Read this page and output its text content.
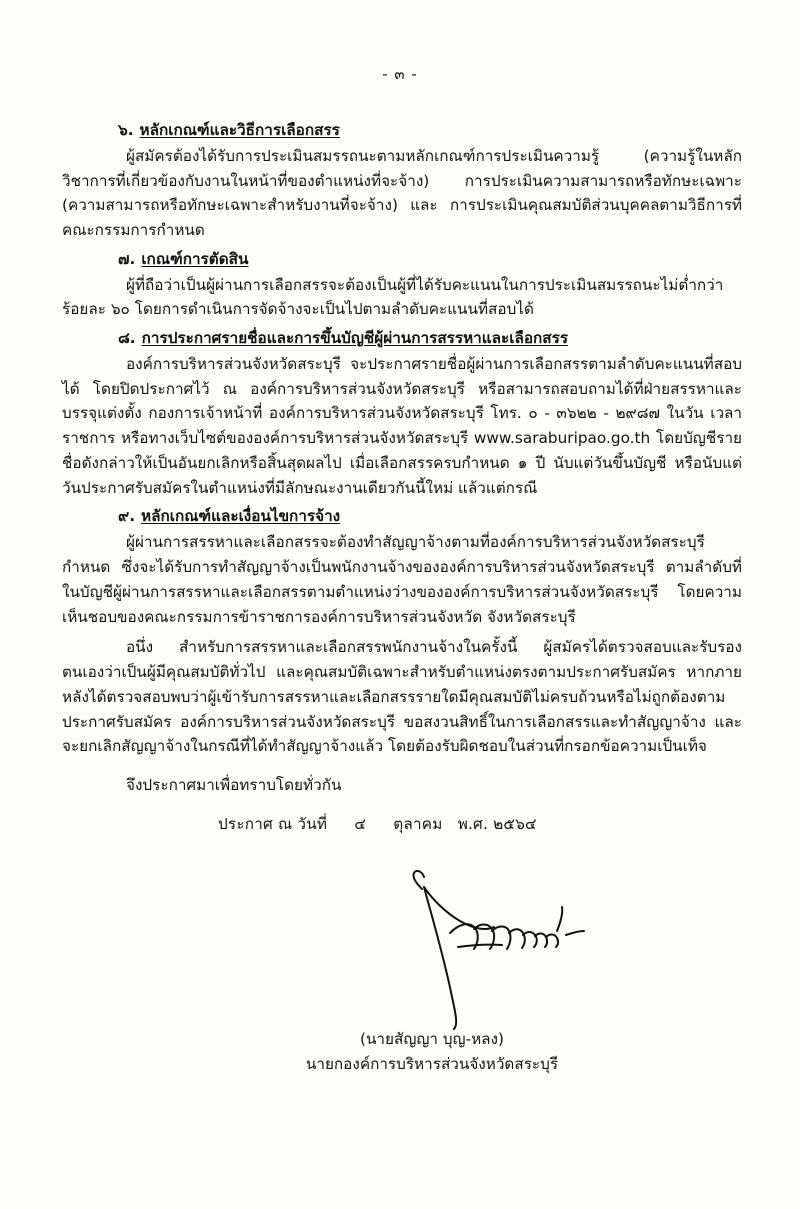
- ๓ -
๖. หลักเกณฑ์และวิธีการเลือกสรร

ผู้สมัครต้องได้รับการประเมินสมรรถนะตามหลักเกณฑ์การประเมินความรู้ (ความรู้ในหลักวิชาการที่เกี่ยวข้องกับงานในหน้าที่ของตำแหน่งที่จะจ้าง) การประเมินความสามารถหรือทักษะเฉพาะ (ความสามารถหรือทักษะเฉพาะสำหรับงานที่จะจ้าง) และ การประเมินคุณสมบัติส่วนบุคคลตามวิธีการที่คณะกรรมการกำหนด

๗. เกณฑ์การตัดสิน

ผู้ที่ถือว่าเป็นผู้ผ่านการเลือกสรรจะต้องเป็นผู้ที่ได้รับคะแนนในการประเมินสมรรถนะไม่ต่ำกว่าร้อยละ ๖๐ โดยการดำเนินการจัดจ้างจะเป็นไปตามลำดับคะแนนที่สอบได้

๘. การประกาศรายชื่อและการขึ้นบัญชีผู้ผ่านการสรรหาและเลือกสรร

องค์การบริหารส่วนจังหวัดสระบุรี จะประกาศรายชื่อผู้ผ่านการเลือกสรรตามลำดับคะแนนที่สอบได้ โดยปิดประกาศไว้ ณ องค์การบริหารส่วนจังหวัดสระบุรี หรือสามารถสอบถามได้ที่ฝ่ายสรรหาและบรรจุแต่งตั้ง กองการเจ้าหน้าที่ องค์การบริหารส่วนจังหวัดสระบุรี โทร. ๐ - ๓๖๒๒ - ๒๙๘๗ ในวัน เวลาราชการ หรือทางเว็บไซต์ขององค์การบริหารส่วนจังหวัดสระบุรี www.saraburipao.go.th โดยบัญชีรายชื่อดังกล่าวให้เป็นอันยกเลิกหรือสิ้นสุดผลไป เมื่อเลือกสรรครบกำหนด ๑ ปี นับแต่วันขึ้นบัญชี หรือนับแต่วันประกาศรับสมัครในตำแหน่งที่มีลักษณะงานเดียวกันนี้ใหม่ แล้วแต่กรณี

๙. หลักเกณฑ์และเงื่อนไขการจ้าง

ผู้ผ่านการสรรหาและเลือกสรรจะต้องทำสัญญาจ้างตามที่องค์การบริหารส่วนจังหวัดสระบุรีกำหนด ซึ่งจะได้รับการทำสัญญาจ้างเป็นพนักงานจ้างขององค์การบริหารส่วนจังหวัดสระบุรี ตามลำดับที่ในบัญชีผู้ผ่านการสรรหาและเลือกสรรตามตำแหน่งว่างขององค์การบริหารส่วนจังหวัดสระบุรี โดยความเห็นชอบของคณะกรรมการข้าราชการองค์การบริหารส่วนจังหวัด จังหวัดสระบุรี

อนึ่ง สำหรับการสรรหาและเลือกสรรพนักงานจ้างในครั้งนี้ ผู้สมัครได้ตรวจสอบและรับรองตนเองว่าเป็นผู้มีคุณสมบัติทั่วไป และคุณสมบัติเฉพาะสำหรับตำแหน่งตรงตามประกาศรับสมัคร หากภายหลังได้ตรวจสอบพบว่าผู้เข้ารับการสรรหาและเลือกสรรรายใดมีคุณสมบัติไม่ครบถ้วนหรือไม่ถูกต้องตามประกาศรับสมัคร องค์การบริหารส่วนจังหวัดสระบุรี ขอสงวนสิทธิ์ในการเลือกสรรและทำสัญญาจ้าง และจะยกเลิกสัญญาจ้างในกรณีที่ได้ทำสัญญาจ้างแล้ว โดยต้องรับผิดชอบในส่วนที่กรอกข้อความเป็นเท็จ

จึงประกาศมาเพื่อทราบโดยทั่วกัน
ประกาศ ณ วันที่ ๔ ตุลาคม พ.ศ. ๒๕๖๔
(นายสัญญา บุญ-หลง)
นายกองค์การบริหารส่วนจังหวัดสระบุรี
